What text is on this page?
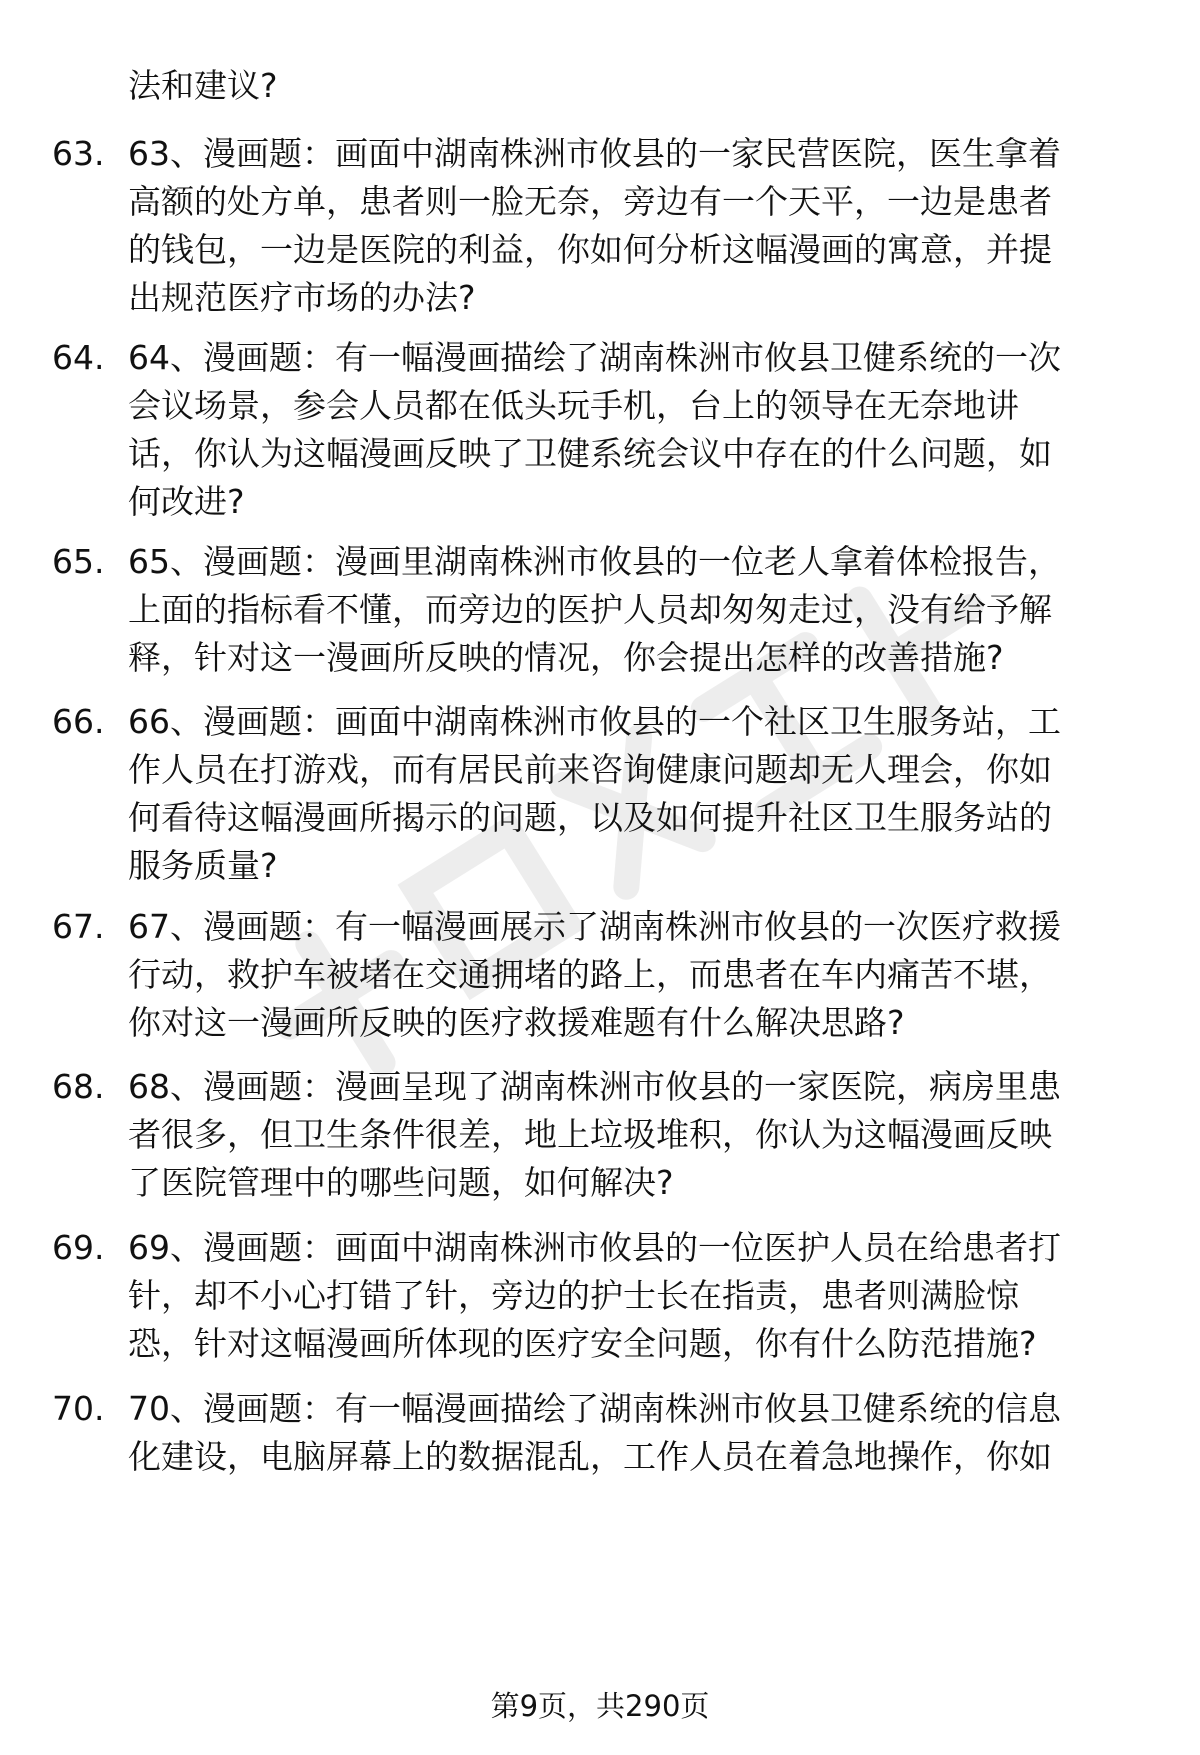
法和建议?
63. 63、漫画题：画面中湖南株洲市攸县的一家民营医院，医生拿着
高额的处方单，患者则一脸无奈，旁边有一个天平，一边是患者
的钱包，一边是医院的利益，你如何分析这幅漫画的寓意，并提
出规范医疗市场的办法?
64. 64、漫画题：有一幅漫画描绘了湖南株洲市攸县卫健系统的一次
会议场景，参会人员都在低头玩手机，台上的领导在无奈地讲
话，你认为这幅漫画反映了卫健系统会议中存在的什么问题，如
何改进?
65. 65、漫画题：漫画里湖南株洲市攸县的一位老人拿着体检报告，
上面的指标看不懂，而旁边的医护人员却匆匆走过，没有给予解
释，针对这一漫画所反映的情况，你会提出怎样的改善措施?
66. 66、漫画题：画面中湖南株洲市攸县的一个社区卫生服务站，工
作人员在打游戏，而有居民前来咨询健康问题却无人理会，你如
何看待这幅漫画所揭示的问题，以及如何提升社区卫生服务站的
服务质量?
67. 67、漫画题：有一幅漫画展示了湖南株洲市攸县的一次医疗救援
行动，救护车被堵在交通拥堵的路上，而患者在车内痛苦不堪，
你对这一漫画所反映的医疗救援难题有什么解决思路?
68. 68、漫画题：漫画呈现了湖南株洲市攸县的一家医院，病房里患
者很多，但卫生条件很差，地上垃圾堆积，你认为这幅漫画反映
了医院管理中的哪些问题，如何解决?
69. 69、漫画题：画面中湖南株洲市攸县的一位医护人员在给患者打
针，却不小心打错了针，旁边的护士长在指责，患者则满脸惊
恐，针对这幅漫画所体现的医疗安全问题，你有什么防范措施?
70. 70、漫画题：有一幅漫画描绘了湖南株洲市攸县卫健系统的信息
化建设，电脑屏幕上的数据混乱，工作人员在着急地操作，你如
第9页，共290页
